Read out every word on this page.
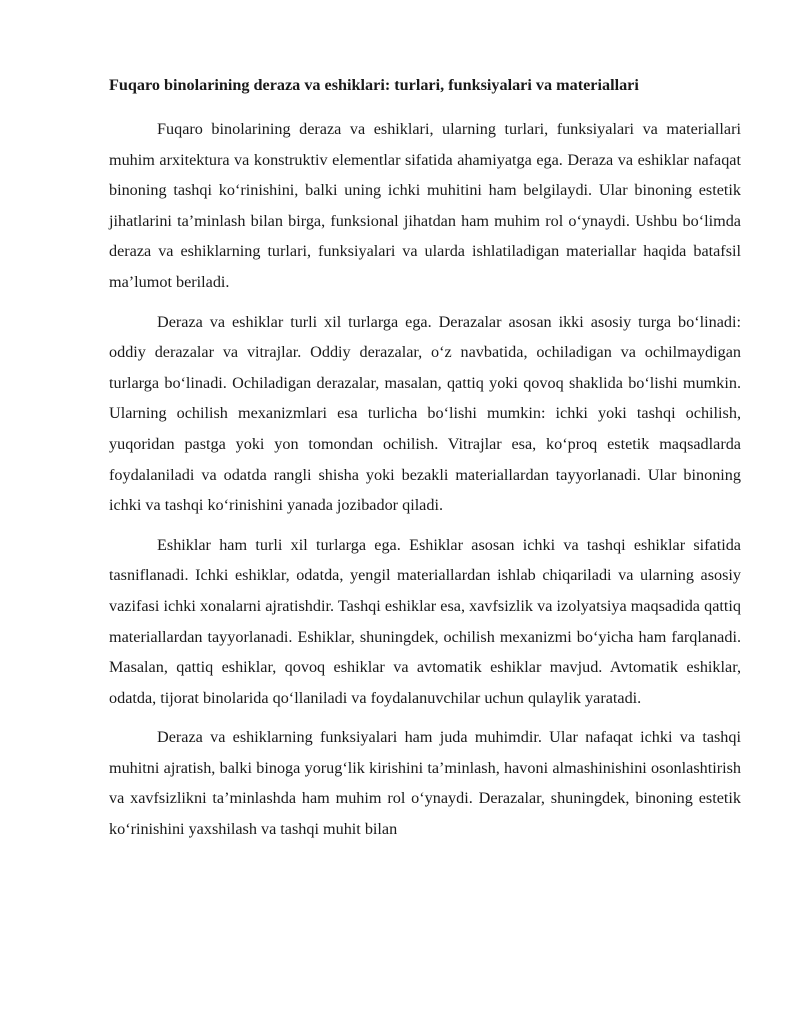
Fuqaro binolarining deraza va eshiklari: turlari, funksiyalari va materiallari

Fuqaro binolarining deraza va eshiklari, ularning turlari, funksiyalari va materiallari muhim arxitektura va konstruktiv elementlar sifatida ahamiyatga ega. Deraza va eshiklar nafaqat binoning tashqi koʻrinishini, balki uning ichki muhitini ham belgilaydi. Ular binoning estetik jihatlarini taʼminlash bilan birga, funksional jihatdan ham muhim rol oʻynaydi. Ushbu boʻlimda deraza va eshiklarning turlari, funksiyalari va ularda ishlatiladigan materiallar haqida batafsil maʼlumot beriladi.

Deraza va eshiklar turli xil turlarga ega. Derazalar asosan ikki asosiy turga boʻlinadi: oddiy derazalar va vitrajlar. Oddiy derazalar, oʻz navbatida, ochiladigan va ochilmaydigan turlarga boʻlinadi. Ochiladigan derazalar, masalan, qattiq yoki qovoq shaklida boʻlishi mumkin. Ularning ochilish mexanizmlari esa turlicha boʻlishi mumkin: ichki yoki tashqi ochilish, yuqoridan pastga yoki yon tomondan ochilish. Vitrajlar esa, koʻproq estetik maqsadlarda foydalaniladi va odatda rangli shisha yoki bezakli materiallardan tayyorlanadi. Ular binoning ichki va tashqi koʻrinishini yanada jozibador qiladi.

Eshiklar ham turli xil turlarga ega. Eshiklar asosan ichki va tashqi eshiklar sifatida tasniflanadi. Ichki eshiklar, odatda, yengil materiallardan ishlab chiqariladi va ularning asosiy vazifasi ichki xonalarni ajratishdir. Tashqi eshiklar esa, xavfsizlik va izolyatsiya maqsadida qattiq materiallardan tayyorlanadi. Eshiklar, shuningdek, ochilish mexanizmi boʻyicha ham farqlanadi. Masalan, qattiq eshiklar, qovoq eshiklar va avtomatik eshiklar mavjud. Avtomatik eshiklar, odatda, tijorat binolarida qoʻllaniladi va foydalanuvchilar uchun qulaylik yaratadi.

Deraza va eshiklarning funksiyalari ham juda muhimdir. Ular nafaqat ichki va tashqi muhitni ajratish, balki binoga yorugʻlik kirishini taʼminlash, havoni almashinishini osonlashtirish va xavfsizlikni taʼminlashda ham muhim rol oʻynaydi. Derazalar, shuningdek, binoning estetik koʻrinishini yaxshilash va tashqi muhit bilan
